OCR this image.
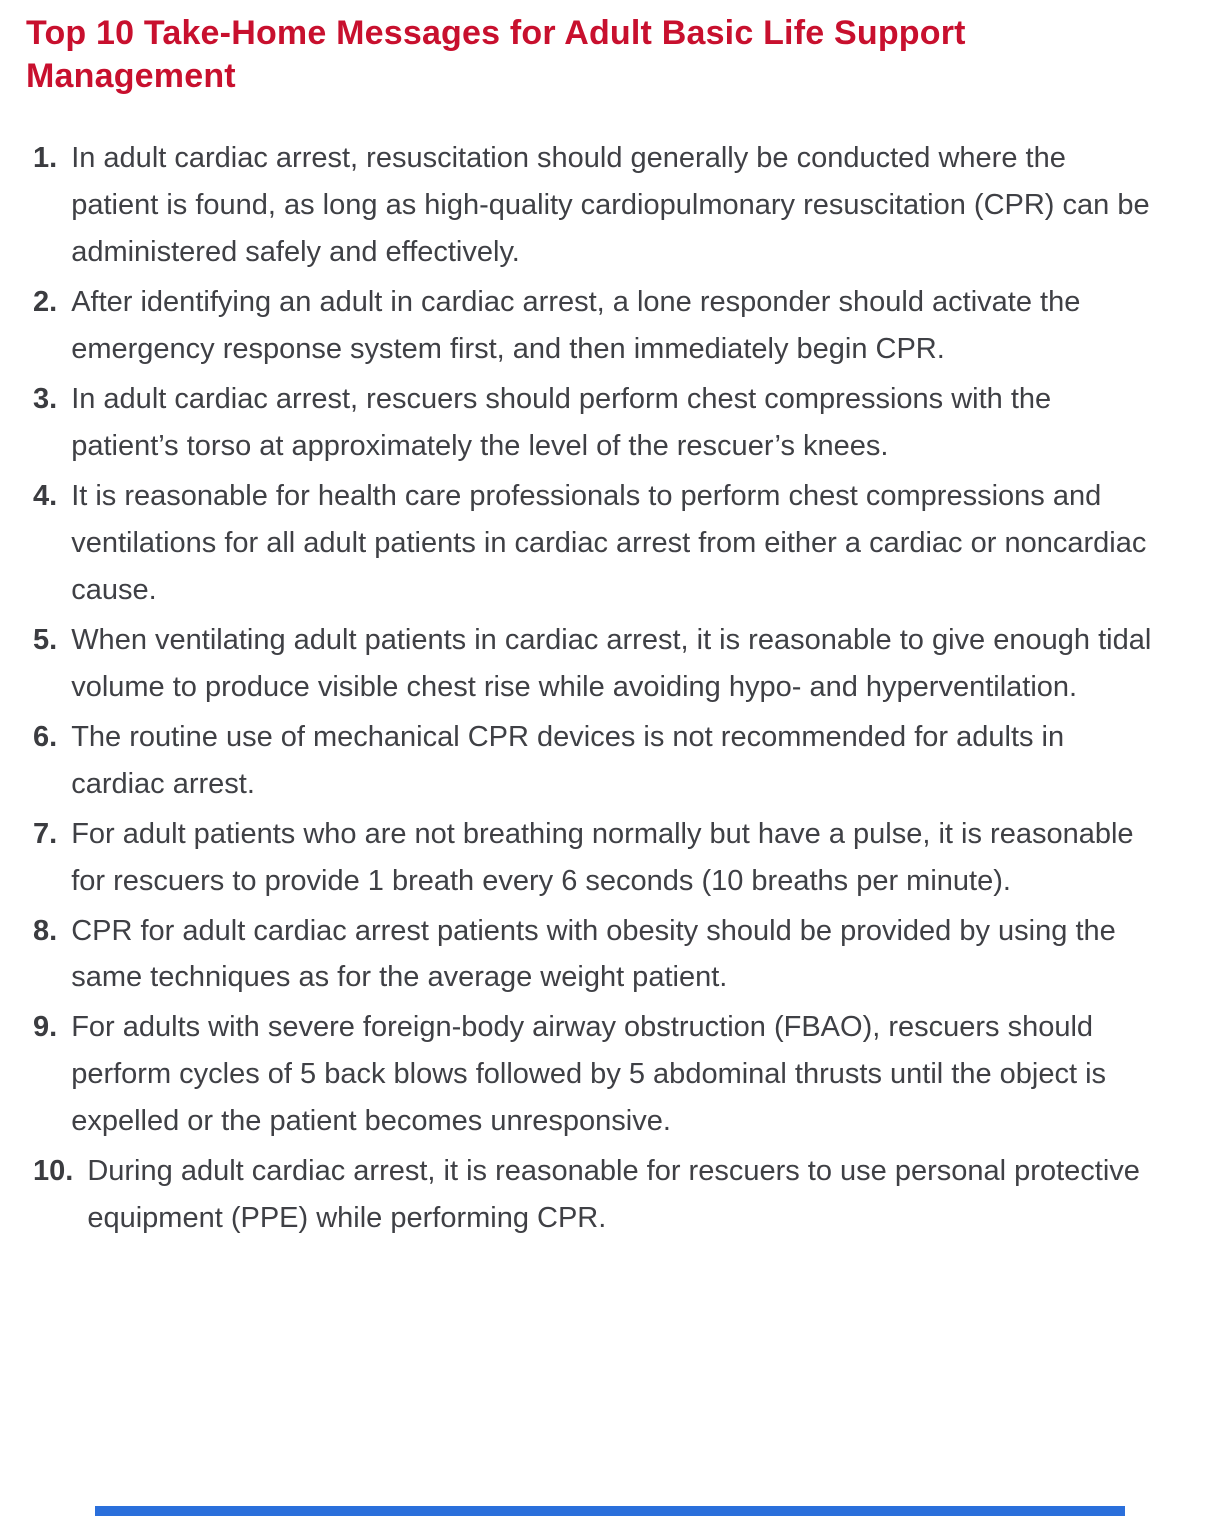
Top 10 Take-Home Messages for Adult Basic Life Support Management
1. In adult cardiac arrest, resuscitation should generally be conducted where the patient is found, as long as high-quality cardiopulmonary resuscitation (CPR) can be administered safely and effectively.
2. After identifying an adult in cardiac arrest, a lone responder should activate the emergency response system first, and then immediately begin CPR.
3. In adult cardiac arrest, rescuers should perform chest compressions with the patient’s torso at approximately the level of the rescuer’s knees.
4. It is reasonable for health care professionals to perform chest compressions and ventilations for all adult patients in cardiac arrest from either a cardiac or noncardiac cause.
5. When ventilating adult patients in cardiac arrest, it is reasonable to give enough tidal volume to produce visible chest rise while avoiding hypo- and hyperventilation.
6. The routine use of mechanical CPR devices is not recommended for adults in cardiac arrest.
7. For adult patients who are not breathing normally but have a pulse, it is reasonable for rescuers to provide 1 breath every 6 seconds (10 breaths per minute).
8. CPR for adult cardiac arrest patients with obesity should be provided by using the same techniques as for the average weight patient.
9. For adults with severe foreign-body airway obstruction (FBAO), rescuers should perform cycles of 5 back blows followed by 5 abdominal thrusts until the object is expelled or the patient becomes unresponsive.
10. During adult cardiac arrest, it is reasonable for rescuers to use personal protective equipment (PPE) while performing CPR.
